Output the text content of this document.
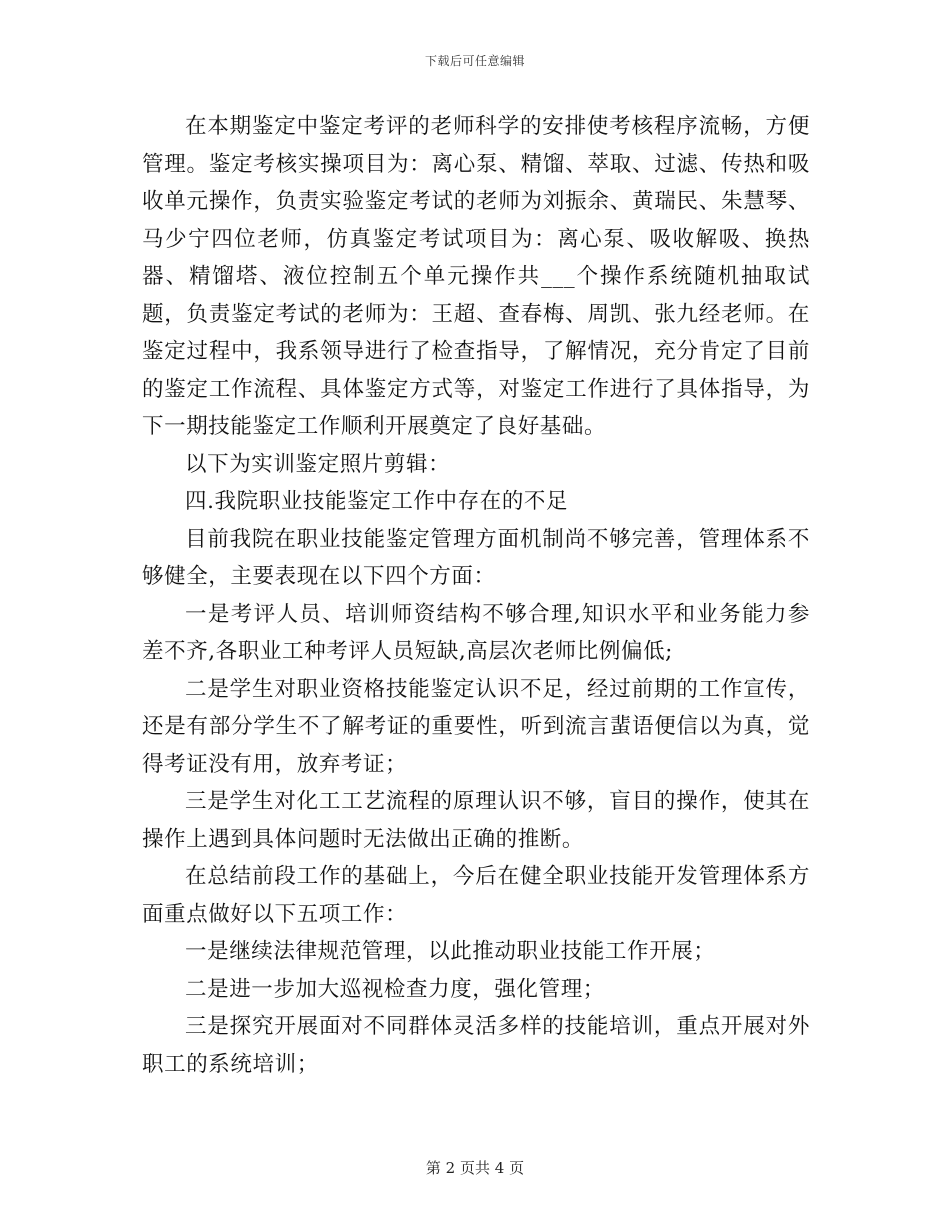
下载后可任意编辑

在本期鉴定中鉴定考评的老师科学的安排使考核程序流畅，方便管理。鉴定考核实操项目为：离心泵、精馏、萃取、过滤、传热和吸收单元操作，负责实验鉴定考试的老师为刘振余、黄瑞民、朱慧琴、马少宁四位老师，仿真鉴定考试项目为：离心泵、吸收解吸、换热器、精馏塔、液位控制五个单元操作共___个操作系统随机抽取试题，负责鉴定考试的老师为：王超、查春梅、周凯、张九经老师。在鉴定过程中，我系领导进行了检查指导，了解情况，充分肯定了目前的鉴定工作流程、具体鉴定方式等，对鉴定工作进行了具体指导，为下一期技能鉴定工作顺利开展奠定了良好基础。

以下为实训鉴定照片剪辑：

四.我院职业技能鉴定工作中存在的不足

目前我院在职业技能鉴定管理方面机制尚不够完善，管理体系不够健全，主要表现在以下四个方面：

一是考评人员、培训师资结构不够合理,知识水平和业务能力参差不齐,各职业工种考评人员短缺,高层次老师比例偏低;

二是学生对职业资格技能鉴定认识不足，经过前期的工作宣传，还是有部分学生不了解考证的重要性，听到流言蜚语便信以为真，觉得考证没有用，放弃考证；

三是学生对化工工艺流程的原理认识不够，盲目的操作，使其在操作上遇到具体问题时无法做出正确的推断。

在总结前段工作的基础上，今后在健全职业技能开发管理体系方面重点做好以下五项工作：

一是继续法律规范管理，以此推动职业技能工作开展；

二是进一步加大巡视检查力度，强化管理；

三是探究开展面对不同群体灵活多样的技能培训，重点开展对外职工的系统培训；

第 2 页共 4 页
